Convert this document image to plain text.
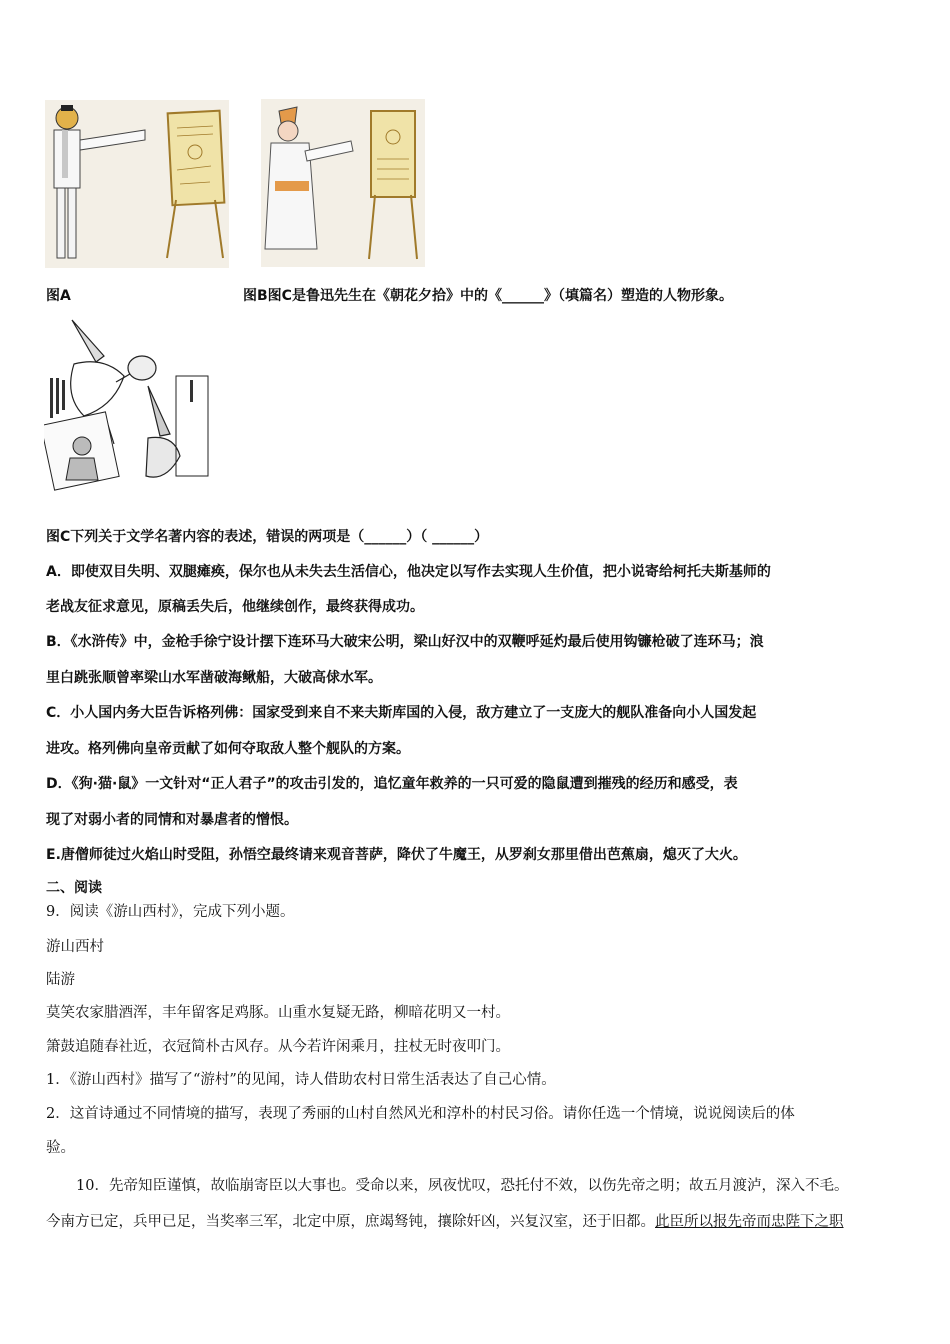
图A	图B图C是鲁迅先生在《朝花夕拾》中的《______》（填篇名）塑造的人物形象。
图C下列关于文学名著内容的表述，错误的两项是（______）（ ______）
A．即使双目失明、双腿瘫痪，保尔也从未失去生活信心，他决定以写作去实现人生价值，把小说寄给柯托夫斯基师的
老战友征求意见，原稿丢失后，他继续创作，最终获得成功。
B．《水浒传》中，金枪手徐宁设计摆下连环马大破宋公明，梁山好汉中的双鞭呼延灼最后使用钩镰枪破了连环马；浪
里白跳张顺曾率梁山水军凿破海鳅船，大破高俅水军。
C．小人国内务大臣告诉格列佛：国家受到来自不来夫斯库国的入侵，敌方建立了一支庞大的舰队准备向小人国发起
进攻。格列佛向皇帝贡献了如何夺取敌人整个舰队的方案。
D．《狗·猫·鼠》一文针对“正人君子”的攻击引发的，追忆童年救养的一只可爱的隐鼠遭到摧残的经历和感受，表
现了对弱小者的同情和对暴虐者的憎恨。
E.唐僧师徒过火焰山时受阻，孙悟空最终请来观音菩萨，降伏了牛魔王，从罗刹女那里借出芭蕉扇，熄灭了大火。
二、阅读
9．阅读《游山西村》，完成下列小题。
游山西村
陆游
莫笑农家腊酒浑，丰年留客足鸡豚。山重水复疑无路，柳暗花明又一村。
箫鼓追随春社近，衣冠简朴古风存。从今若许闲乘月，拄杖无时夜叩门。
1．《游山西村》描写了“游村”的见闻，诗人借助农村日常生活表达了自己心情。
2．这首诗通过不同情境的描写，表现了秀丽的山村自然风光和淳朴的村民习俗。请你任选一个情境，说说阅读后的体
验。
10．先帝知臣谨慎，故临崩寄臣以大事也。受命以来，夙夜忧叹，恐托付不效，以伤先帝之明；故五月渡泸，深入不毛。
今南方已定，兵甲已足，当奖率三军，北定中原，庶竭驽钝，攘除奸凶，兴复汉室，还于旧都。此臣所以报先帝而忠陛下之职
